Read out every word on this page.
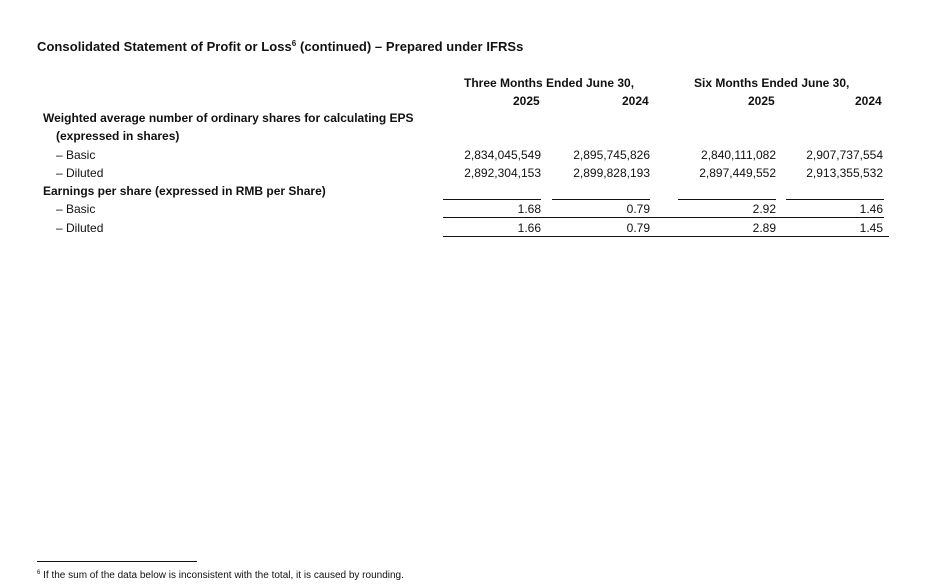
Consolidated Statement of Profit or Loss$^6$ (continued) – Prepared under IFRSs
Three Months Ended June 30,	Six Months Ended June 30,
2025	2024	2025	2024
Weighted average number of ordinary shares for calculating EPS
(expressed in shares)
– Basic	2,834,045,549	2,895,745,826	2,840,111,082	2,907,737,554
– Diluted	2,892,304,153	2,899,828,193	2,897,449,552	2,913,355,532
Earnings per share (expressed in RMB per Share)
– Basic	1.68	0.79	2.92	1.46
– Diluted	1.66	0.79	2.89	1.45
$^6$ If the sum of the data below is inconsistent with the total, it is caused by rounding.
